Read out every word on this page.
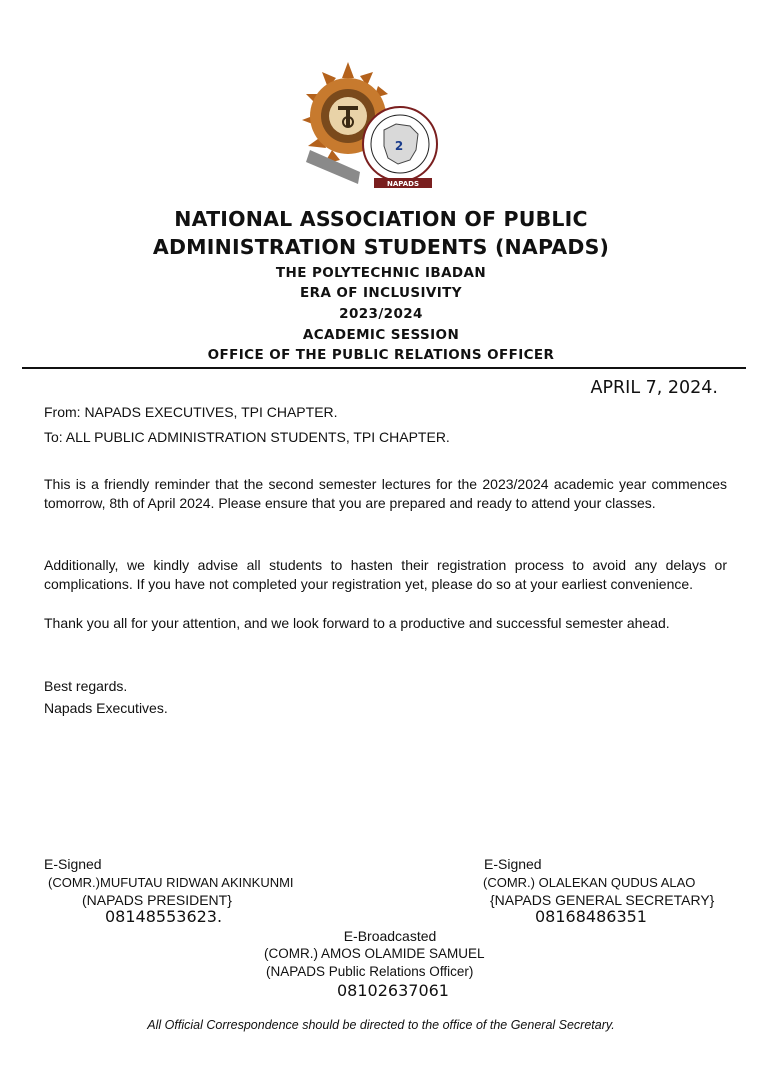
2
NAPADS
NATIONAL ASSOCIATION OF PUBLIC
ADMINISTRATION STUDENTS (NAPADS)
THE POLYTECHNIC IBADAN
ERA OF INCLUSIVITY
2023/2024
ACADEMIC SESSION
OFFICE OF THE PUBLIC RELATIONS OFFICER
APRIL 7, 2024.
From: NAPADS EXECUTIVES, TPI CHAPTER.
To: ALL PUBLIC ADMINISTRATION STUDENTS, TPI CHAPTER.
This is a friendly reminder that the second semester lectures for the 2023/2024 academic year commences tomorrow, 8th of April 2024. Please ensure that you are prepared and ready to attend your classes.
Additionally, we kindly advise all students to hasten their registration process to avoid any delays or complications. If you have not completed your registration yet, please do so at your earliest convenience.
Thank you all for your attention, and we look forward to a productive and successful semester ahead.
Best regards.
Napads Executives.
E-Signed
(COMR.)MUFUTAU RIDWAN AKINKUNMI
(NAPADS PRESIDENT}
08148553623.
E-Signed
(COMR.) OLALEKAN QUDUS ALAO
{NAPADS GENERAL SECRETARY}
08168486351
E-Broadcasted
(COMR.) AMOS OLAMIDE SAMUEL
(NAPADS Public Relations Officer)
08102637061
All Official Correspondence should be directed to the office of the General Secretary.
